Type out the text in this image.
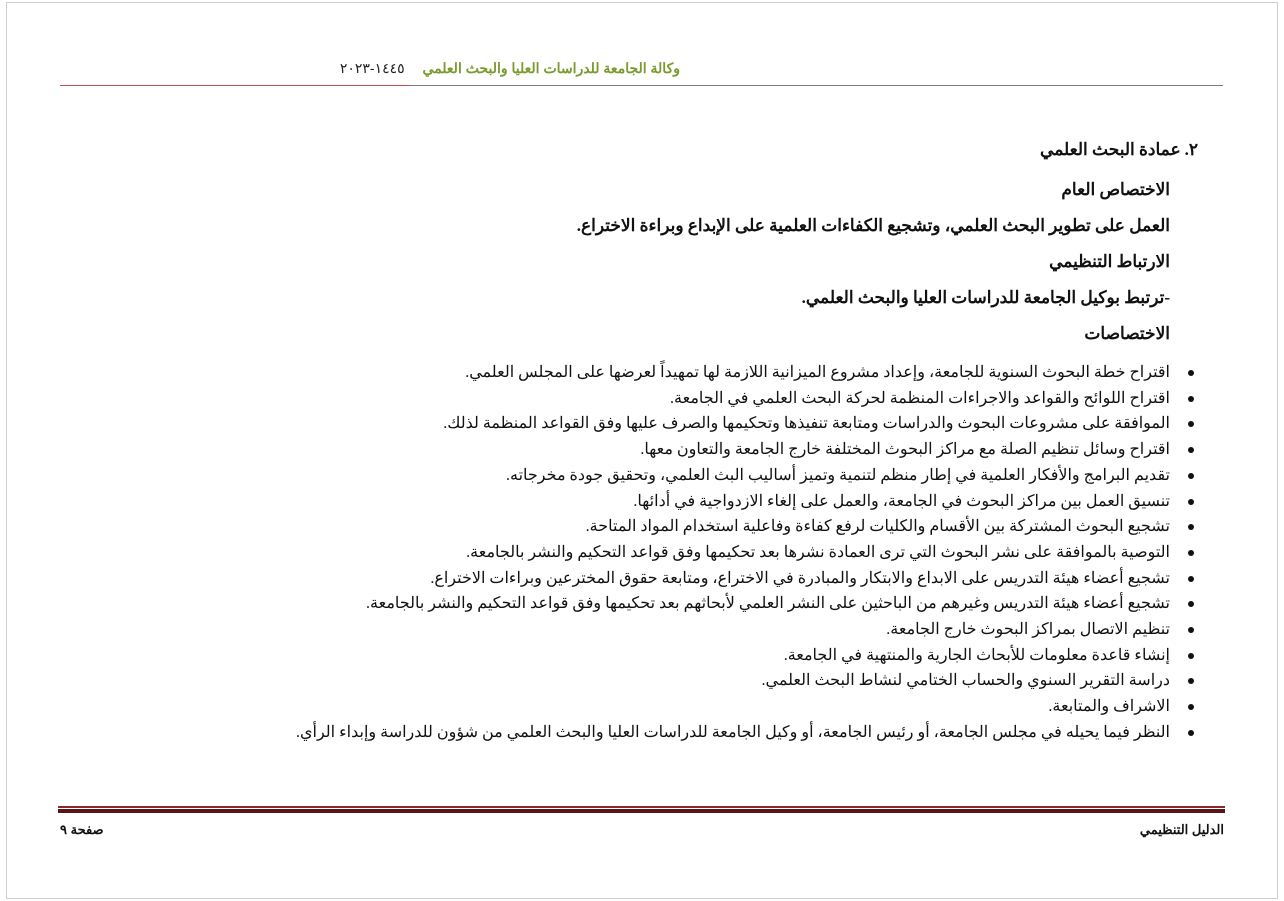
وكالة الجامعة للدراسات العليا والبحث العلمي ١٤٤٥-٢٠٢٣
٢.عمادة البحث العلمي
الاختصاص العام
العمل على تطوير البحث العلمي، وتشجيع الكفاءات العلمية على الإبداع وبراءة الاختراع.
الارتباط التنظيمي
-ترتبط بوكيل الجامعة للدراسات العليا والبحث العلمي.
الاختصاصات
اقتراح خطة البحوث السنوية للجامعة، وإعداد مشروع الميزانية اللازمة لها تمهيداً لعرضها على المجلس العلمي.
اقتراح اللوائح والقواعد والاجراءات المنظمة لحركة البحث العلمي في الجامعة.
الموافقة على مشروعات البحوث والدراسات ومتابعة تنفيذها وتحكيمها والصرف عليها وفق القواعد المنظمة لذلك.
اقتراح وسائل تنظيم الصلة مع مراكز البحوث المختلفة خارج الجامعة والتعاون معها.
تقديم البرامج والأفكار العلمية في إطار منظم لتنمية وتميز أساليب البث العلمي، وتحقيق جودة مخرجاته.
تنسيق العمل بين مراكز البحوث في الجامعة، والعمل على إلغاء الازدواجية في أدائها.
تشجيع البحوث المشتركة بين الأقسام والكليات لرفع كفاءة وفاعلية استخدام المواد المتاحة.
التوصية بالموافقة على نشر البحوث التي ترى العمادة نشرها بعد تحكيمها وفق قواعد التحكيم والنشر بالجامعة.
تشجيع أعضاء هيئة التدريس على الابداع والابتكار والمبادرة في الاختراع، ومتابعة حقوق المخترعين وبراءات الاختراع.
تشجيع أعضاء هيئة التدريس وغيرهم من الباحثين على النشر العلمي لأبحاثهم بعد تحكيمها وفق قواعد التحكيم والنشر بالجامعة.
تنظيم الاتصال بمراكز البحوث خارج الجامعة.
إنشاء قاعدة معلومات للأبحاث الجارية والمنتهية في الجامعة.
دراسة التقرير السنوي والحساب الختامي لنشاط البحث العلمي.
الاشراف والمتابعة.
النظر فيما يحيله في مجلس الجامعة، أو رئيس الجامعة، أو وكيل الجامعة للدراسات العليا والبحث العلمي من شؤون للدراسة وإبداء الرأي.
الدليل التنظيمي
صفحة ٩
